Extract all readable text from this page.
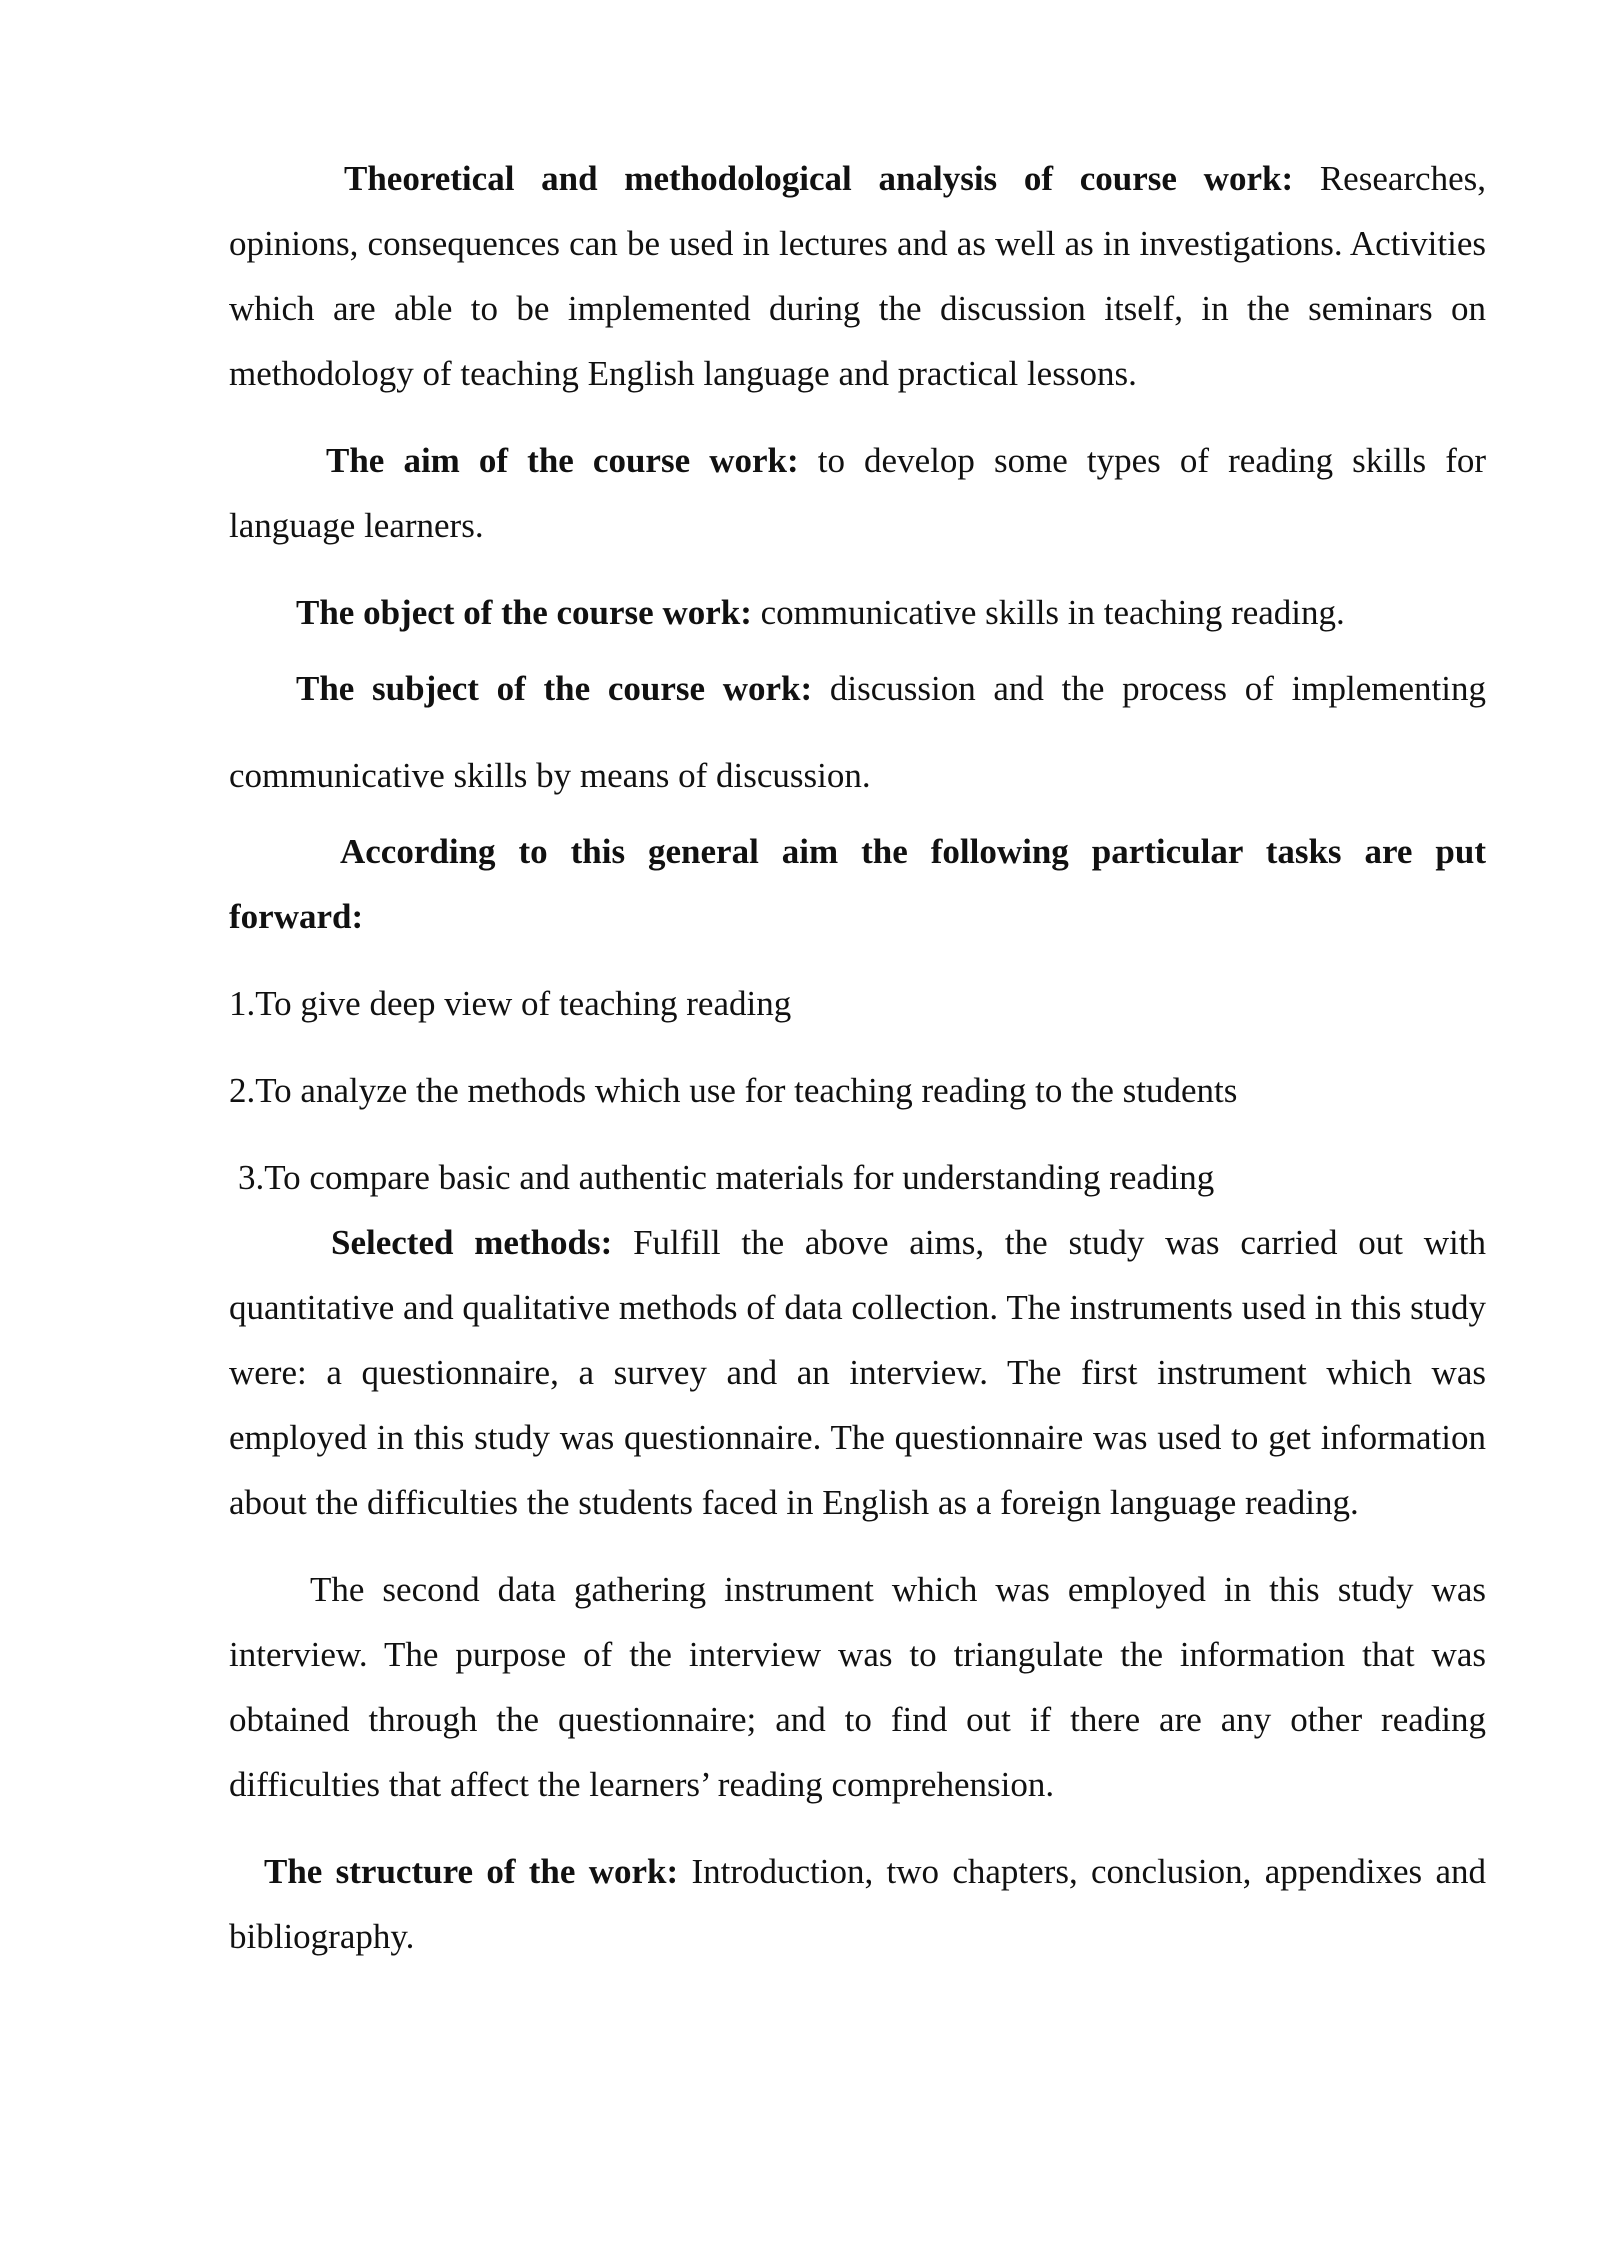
Theoretical and methodological analysis of course work: Researches, opinions, consequences can be used in lectures and as well as in investigations. Activities which are able to be implemented during the discussion itself, in the seminars on methodology of teaching English language and practical lessons.

The aim of the course work: to develop some types of reading skills for language learners.

The object of the course work: communicative skills in teaching reading.

The subject of the course work: discussion and the process of implementing communicative skills by means of discussion.

According to this general aim the following particular tasks are put forward:

1.To give deep view of teaching reading

2.To analyze the methods which use for teaching reading to the students

3.To compare basic and authentic materials for understanding reading

Selected methods: Fulfill the above aims, the study was carried out with quantitative and qualitative methods of data collection. The instruments used in this study were: a questionnaire, a survey and an interview. The first instrument which was employed in this study was questionnaire. The questionnaire was used to get information about the difficulties the students faced in English as a foreign language reading.

The second data gathering instrument which was employed in this study was interview. The purpose of the interview was to triangulate the information that was obtained through the questionnaire; and to find out if there are any other reading difficulties that affect the learners’ reading comprehension.

The structure of the work: Introduction, two chapters, conclusion, appendixes and bibliography.
